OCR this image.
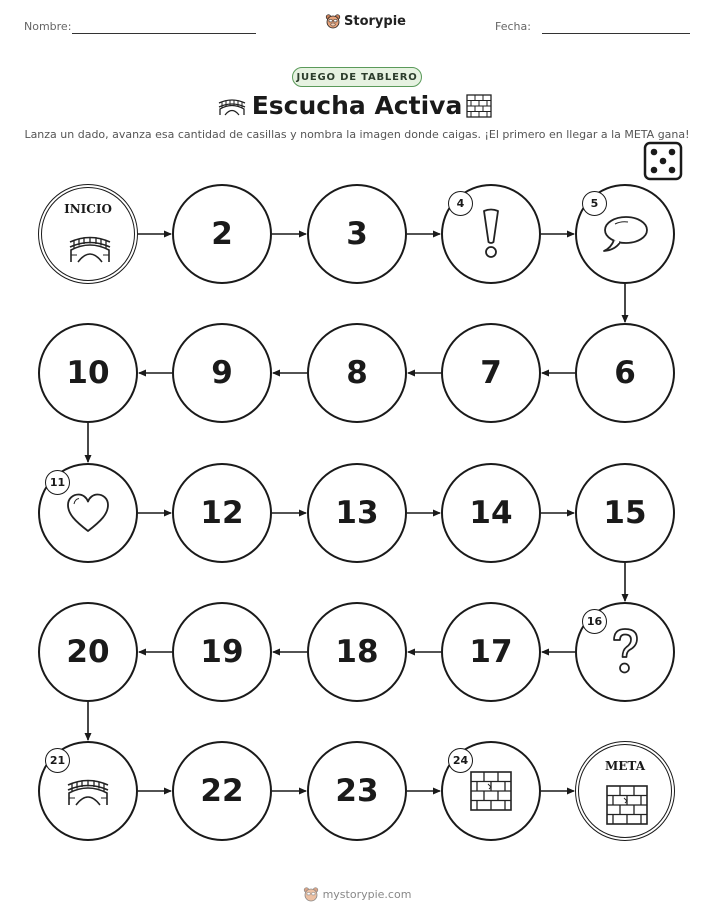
Nombre:	Storypie	Fecha:
JUEGO DE TABLERO
Escucha Activa
Lanza un dado, avanza esa cantidad de casillas y nombra la imagen donde caigas. ¡El primero en llegar a la META gana!
INICIO
2	3
4	5
6
7
8
9
10
11
12	13	14	15
16
17
18
19
20
21
22	23
24	META
mystorypie.com
